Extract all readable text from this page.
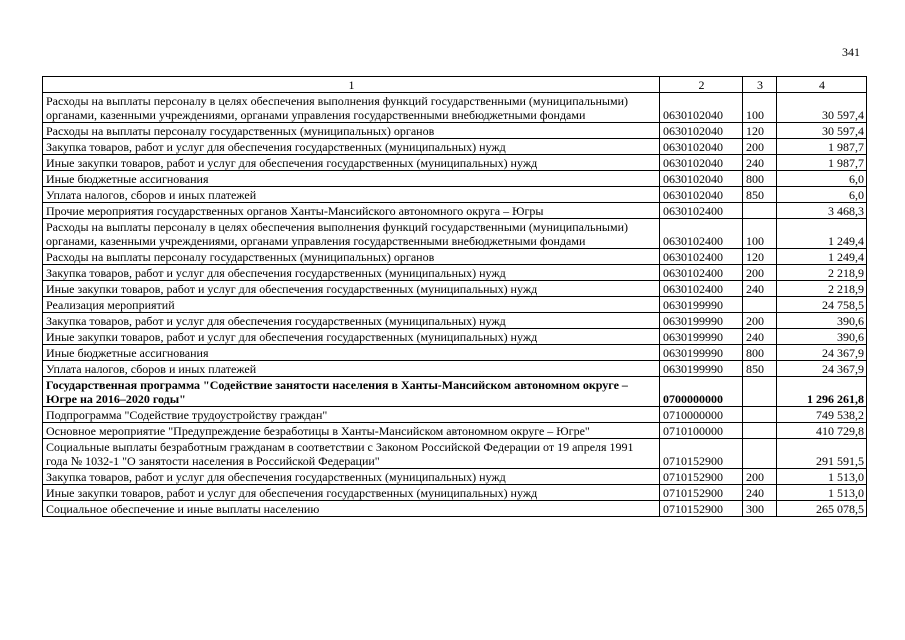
341
1	2	3	4
Расходы на выплаты персоналу в целях обеспечения выполнения функций государственными (муниципальными) органами, казенными учреждениями, органами управления государственными внебюджетными фондами	0630102040	100	30 597,4
Расходы на выплаты персоналу государственных (муниципальных) органов	0630102040	120	30 597,4
Закупка товаров, работ и услуг для обеспечения государственных (муниципальных) нужд	0630102040	200	1 987,7
Иные закупки товаров, работ и услуг для обеспечения государственных (муниципальных) нужд	0630102040	240	1 987,7
Иные бюджетные ассигнования	0630102040	800	6,0
Уплата налогов, сборов и иных платежей	0630102040	850	6,0
Прочие мероприятия государственных органов Ханты-Мансийского автономного округа – Югры	0630102400		3 468,3
Расходы на выплаты персоналу в целях обеспечения выполнения функций государственными (муниципальными) органами, казенными учреждениями, органами управления государственными внебюджетными фондами	0630102400	100	1 249,4
Расходы на выплаты персоналу государственных (муниципальных) органов	0630102400	120	1 249,4
Закупка товаров, работ и услуг для обеспечения государственных (муниципальных) нужд	0630102400	200	2 218,9
Иные закупки товаров, работ и услуг для обеспечения государственных (муниципальных) нужд	0630102400	240	2 218,9
Реализация мероприятий	0630199990		24 758,5
Закупка товаров, работ и услуг для обеспечения государственных (муниципальных) нужд	0630199990	200	390,6
Иные закупки товаров, работ и услуг для обеспечения государственных (муниципальных) нужд	0630199990	240	390,6
Иные бюджетные ассигнования	0630199990	800	24 367,9
Уплата налогов, сборов и иных платежей	0630199990	850	24 367,9
Государственная программа "Содействие занятости населения в Ханты-Мансийском автономном округе – Югре на 2016–2020 годы"	0700000000		1 296 261,8
Подпрограмма "Содействие трудоустройству граждан"	0710000000		749 538,2
Основное мероприятие "Предупреждение безработицы в Ханты-Мансийском автономном округе – Югре"	0710100000		410 729,8
Социальные выплаты безработным гражданам в соответствии с Законом Российской Федерации от 19 апреля 1991 года № 1032-1 "О занятости населения в Российской Федерации"	0710152900		291 591,5
Закупка товаров, работ и услуг для обеспечения государственных (муниципальных) нужд	0710152900	200	1 513,0
Иные закупки товаров, работ и услуг для обеспечения государственных (муниципальных) нужд	0710152900	240	1 513,0
Социальное обеспечение и иные выплаты населению	0710152900	300	265 078,5
